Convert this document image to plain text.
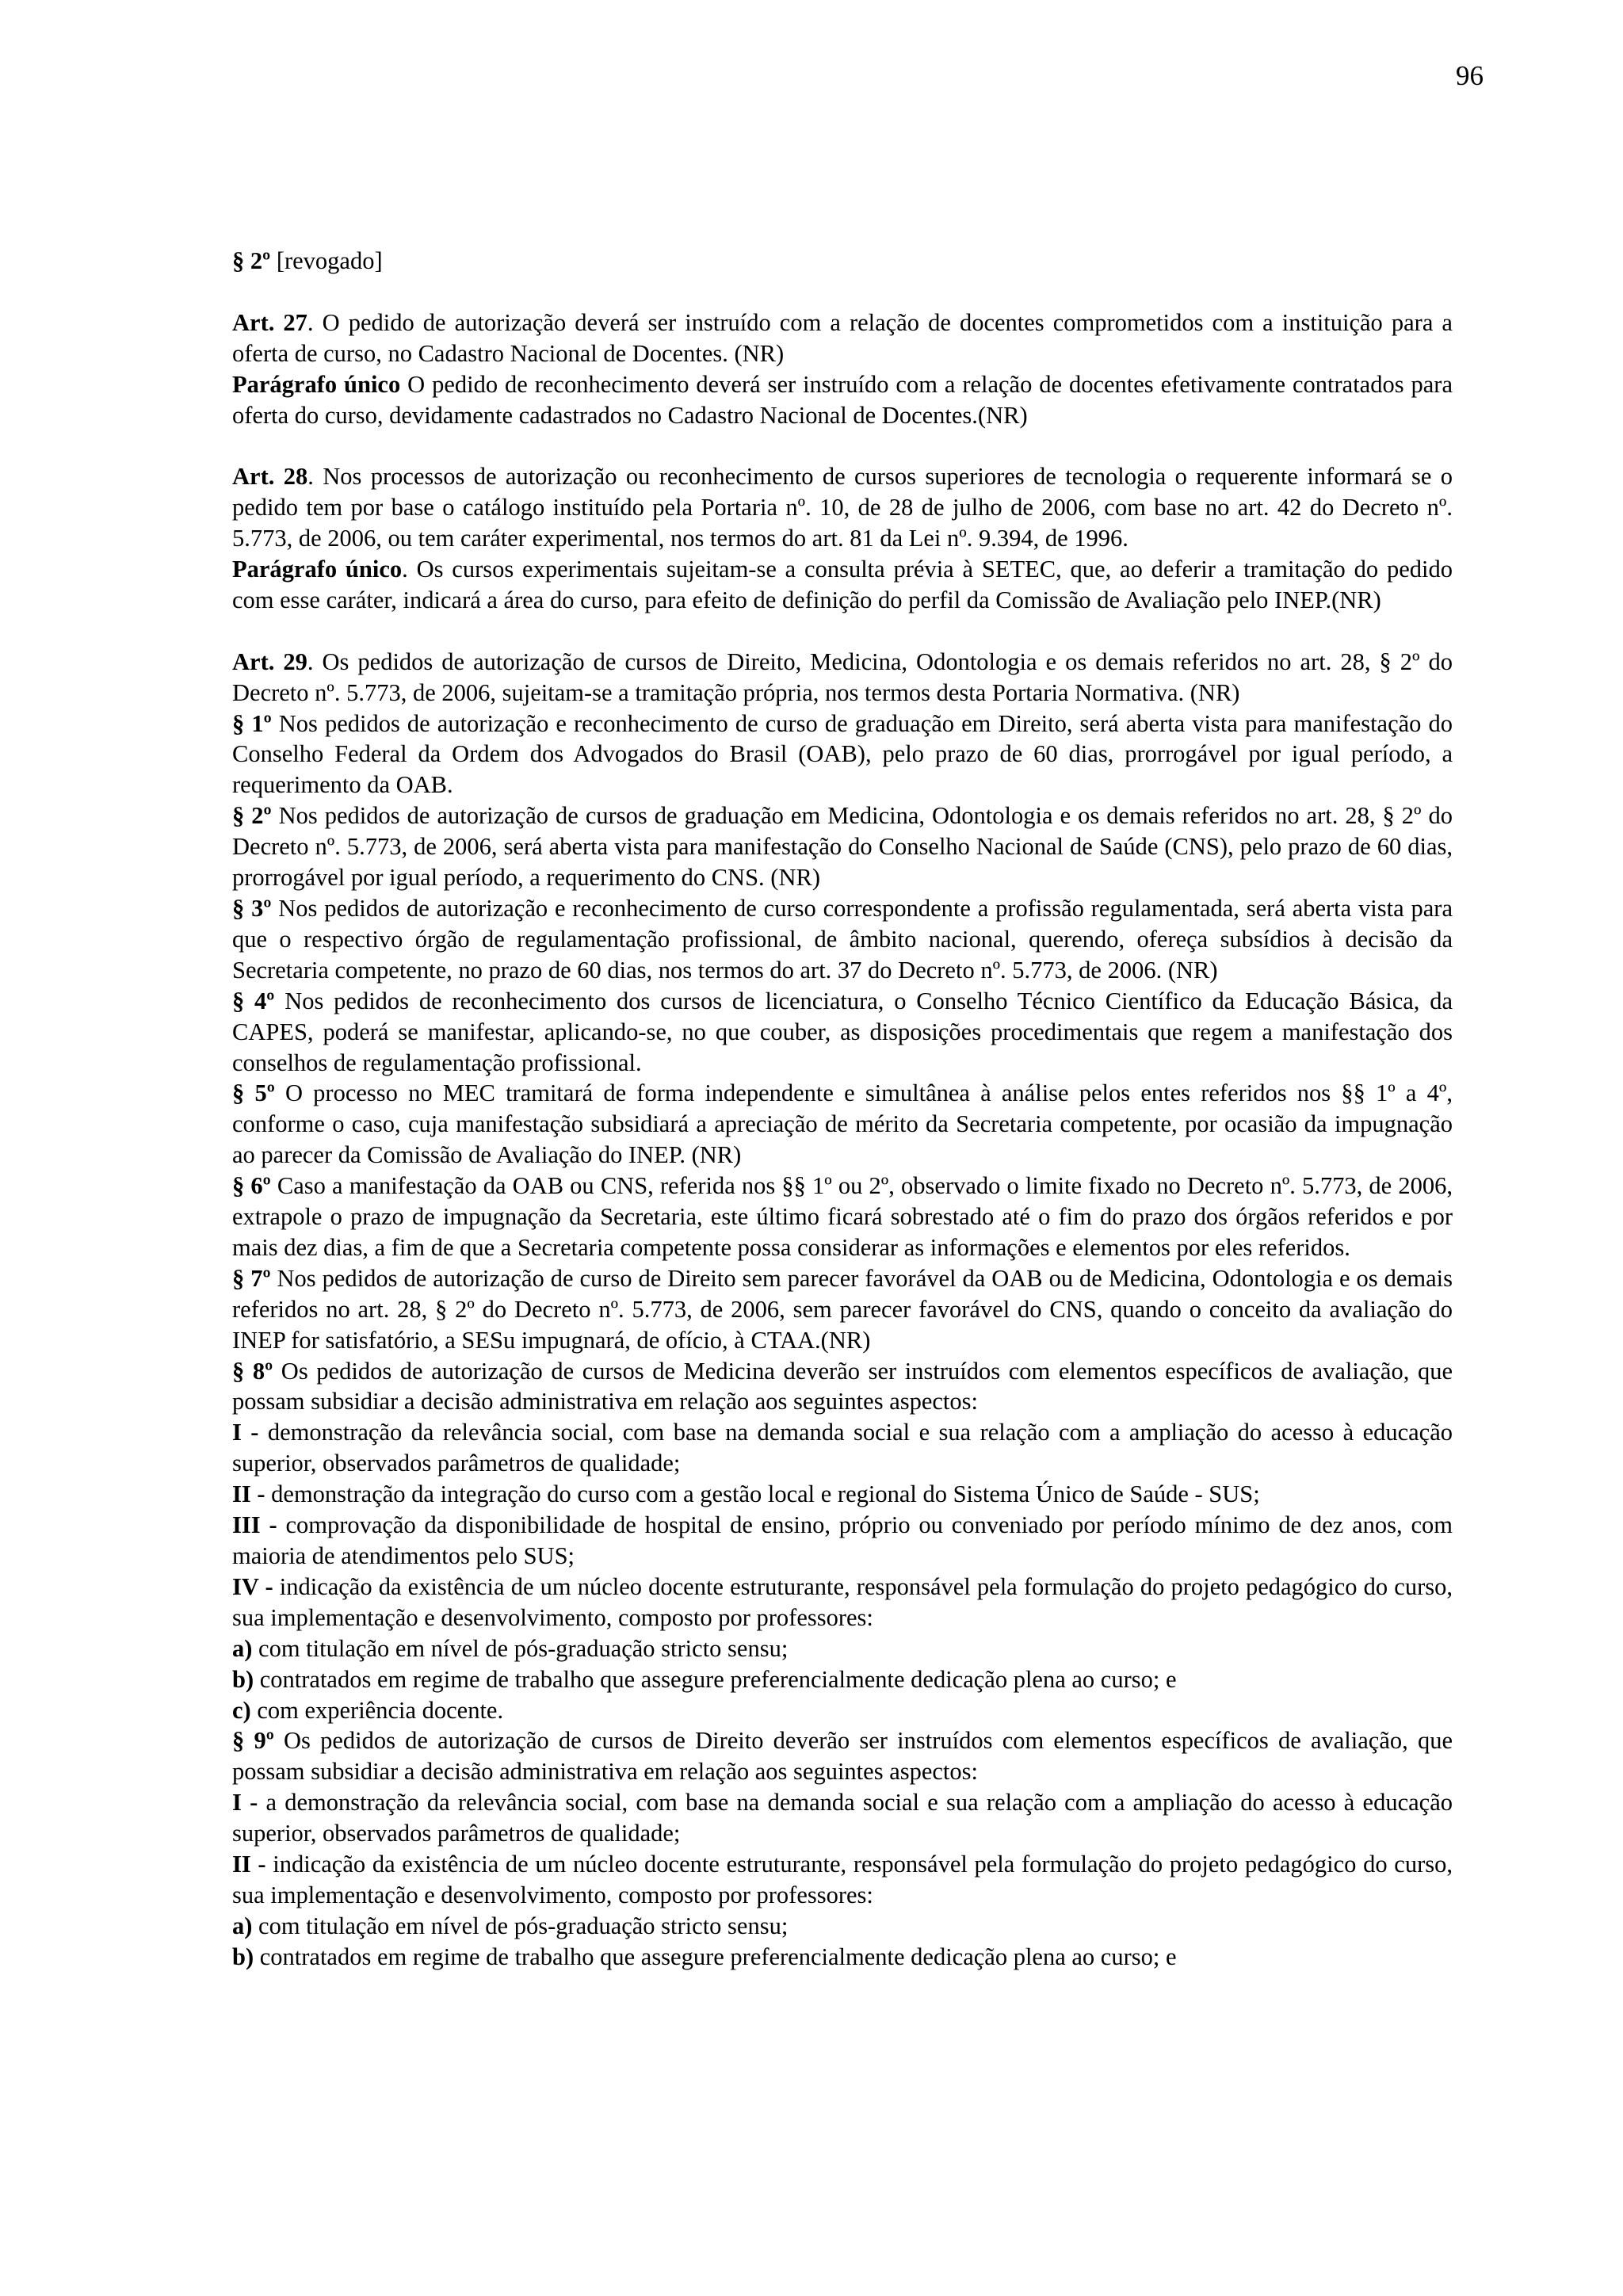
96

§ 2º [revogado]

Art. 27. O pedido de autorização deverá ser instruído com a relação de docentes comprometidos com a instituição para a oferta de curso, no Cadastro Nacional de Docentes. (NR)

Parágrafo único O pedido de reconhecimento deverá ser instruído com a relação de docentes efetivamente contratados para oferta do curso, devidamente cadastrados no Cadastro Nacional de Docentes.(NR)

Art. 28. Nos processos de autorização ou reconhecimento de cursos superiores de tecnologia o requerente informará se o pedido tem por base o catálogo instituído pela Portaria nº. 10, de 28 de julho de 2006, com base no art. 42 do Decreto nº. 5.773, de 2006, ou tem caráter experimental, nos termos do art. 81 da Lei nº. 9.394, de 1996.

Parágrafo único. Os cursos experimentais sujeitam-se a consulta prévia à SETEC, que, ao deferir a tramitação do pedido com esse caráter, indicará a área do curso, para efeito de definição do perfil da Comissão de Avaliação pelo INEP.(NR)

Art. 29. Os pedidos de autorização de cursos de Direito, Medicina, Odontologia e os demais referidos no art. 28, § 2º do Decreto nº. 5.773, de 2006, sujeitam-se a tramitação própria, nos termos desta Portaria Normativa. (NR)

§ 1º Nos pedidos de autorização e reconhecimento de curso de graduação em Direito, será aberta vista para manifestação do Conselho Federal da Ordem dos Advogados do Brasil (OAB), pelo prazo de 60 dias, prorrogável por igual período, a requerimento da OAB.

§ 2º Nos pedidos de autorização de cursos de graduação em Medicina, Odontologia e os demais referidos no art. 28, § 2º do Decreto nº. 5.773, de 2006, será aberta vista para manifestação do Conselho Nacional de Saúde (CNS), pelo prazo de 60 dias, prorrogável por igual período, a requerimento do CNS. (NR)

§ 3º Nos pedidos de autorização e reconhecimento de curso correspondente a profissão regulamentada, será aberta vista para que o respectivo órgão de regulamentação profissional, de âmbito nacional, querendo, ofereça subsídios à decisão da Secretaria competente, no prazo de 60 dias, nos termos do art. 37 do Decreto nº. 5.773, de 2006. (NR)

§ 4º Nos pedidos de reconhecimento dos cursos de licenciatura, o Conselho Técnico Científico da Educação Básica, da CAPES, poderá se manifestar, aplicando-se, no que couber, as disposições procedimentais que regem a manifestação dos conselhos de regulamentação profissional.

§ 5º O processo no MEC tramitará de forma independente e simultânea à análise pelos entes referidos nos §§ 1º a 4º, conforme o caso, cuja manifestação subsidiará a apreciação de mérito da Secretaria competente, por ocasião da impugnação ao parecer da Comissão de Avaliação do INEP. (NR)

§ 6º Caso a manifestação da OAB ou CNS, referida nos §§ 1º ou 2º, observado o limite fixado no Decreto nº. 5.773, de 2006, extrapole o prazo de impugnação da Secretaria, este último ficará sobrestado até o fim do prazo dos órgãos referidos e por mais dez dias, a fim de que a Secretaria competente possa considerar as informações e elementos por eles referidos.

§ 7º Nos pedidos de autorização de curso de Direito sem parecer favorável da OAB ou de Medicina, Odontologia e os demais referidos no art. 28, § 2º do Decreto nº. 5.773, de 2006, sem parecer favorável do CNS, quando o conceito da avaliação do INEP for satisfatório, a SESu impugnará, de ofício, à CTAA.(NR)

§ 8º Os pedidos de autorização de cursos de Medicina deverão ser instruídos com elementos específicos de avaliação, que possam subsidiar a decisão administrativa em relação aos seguintes aspectos:

I - demonstração da relevância social, com base na demanda social e sua relação com a ampliação do acesso à educação superior, observados parâmetros de qualidade;

II - demonstração da integração do curso com a gestão local e regional do Sistema Único de Saúde - SUS;

III - comprovação da disponibilidade de hospital de ensino, próprio ou conveniado por período mínimo de dez anos, com maioria de atendimentos pelo SUS;

IV - indicação da existência de um núcleo docente estruturante, responsável pela formulação do projeto pedagógico do curso, sua implementação e desenvolvimento, composto por professores:

a) com titulação em nível de pós-graduação stricto sensu;

b) contratados em regime de trabalho que assegure preferencialmente dedicação plena ao curso; e

c) com experiência docente.

§ 9º Os pedidos de autorização de cursos de Direito deverão ser instruídos com elementos específicos de avaliação, que possam subsidiar a decisão administrativa em relação aos seguintes aspectos:

I - a demonstração da relevância social, com base na demanda social e sua relação com a ampliação do acesso à educação superior, observados parâmetros de qualidade;

II - indicação da existência de um núcleo docente estruturante, responsável pela formulação do projeto pedagógico do curso, sua implementação e desenvolvimento, composto por professores:

a) com titulação em nível de pós-graduação stricto sensu;

b) contratados em regime de trabalho que assegure preferencialmente dedicação plena ao curso; e
